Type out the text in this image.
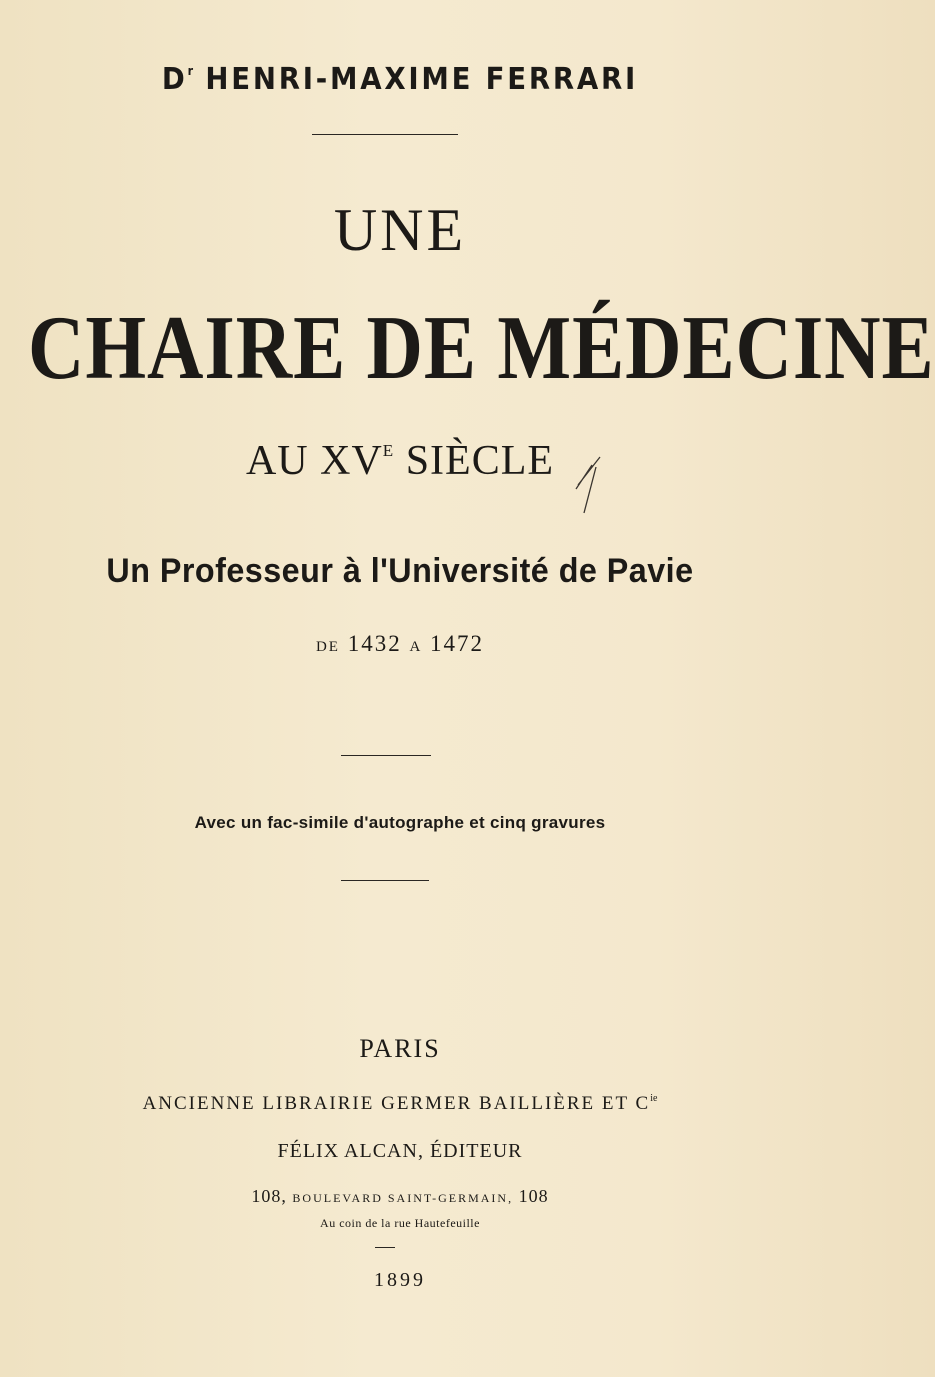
$D^r$ HENRI-MAXIME FERRARI
UNE
CHAIRE DE MÉDECINE
AU $XV^E$ SIÈCLE
Un Professeur à l'Université de Pavie
DE 1432 A 1472
Avec un fac-simile d'autographe et cinq gravures
PARIS
ANCIENNE LIBRAIRIE GERMER BAILLIÈRE ET $C^{ie}$
FÉLIX ALCAN, ÉDITEUR
108, BOULEVARD SAINT-GERMAIN, 108
Au coin de la rue Hautefeuille
1899
